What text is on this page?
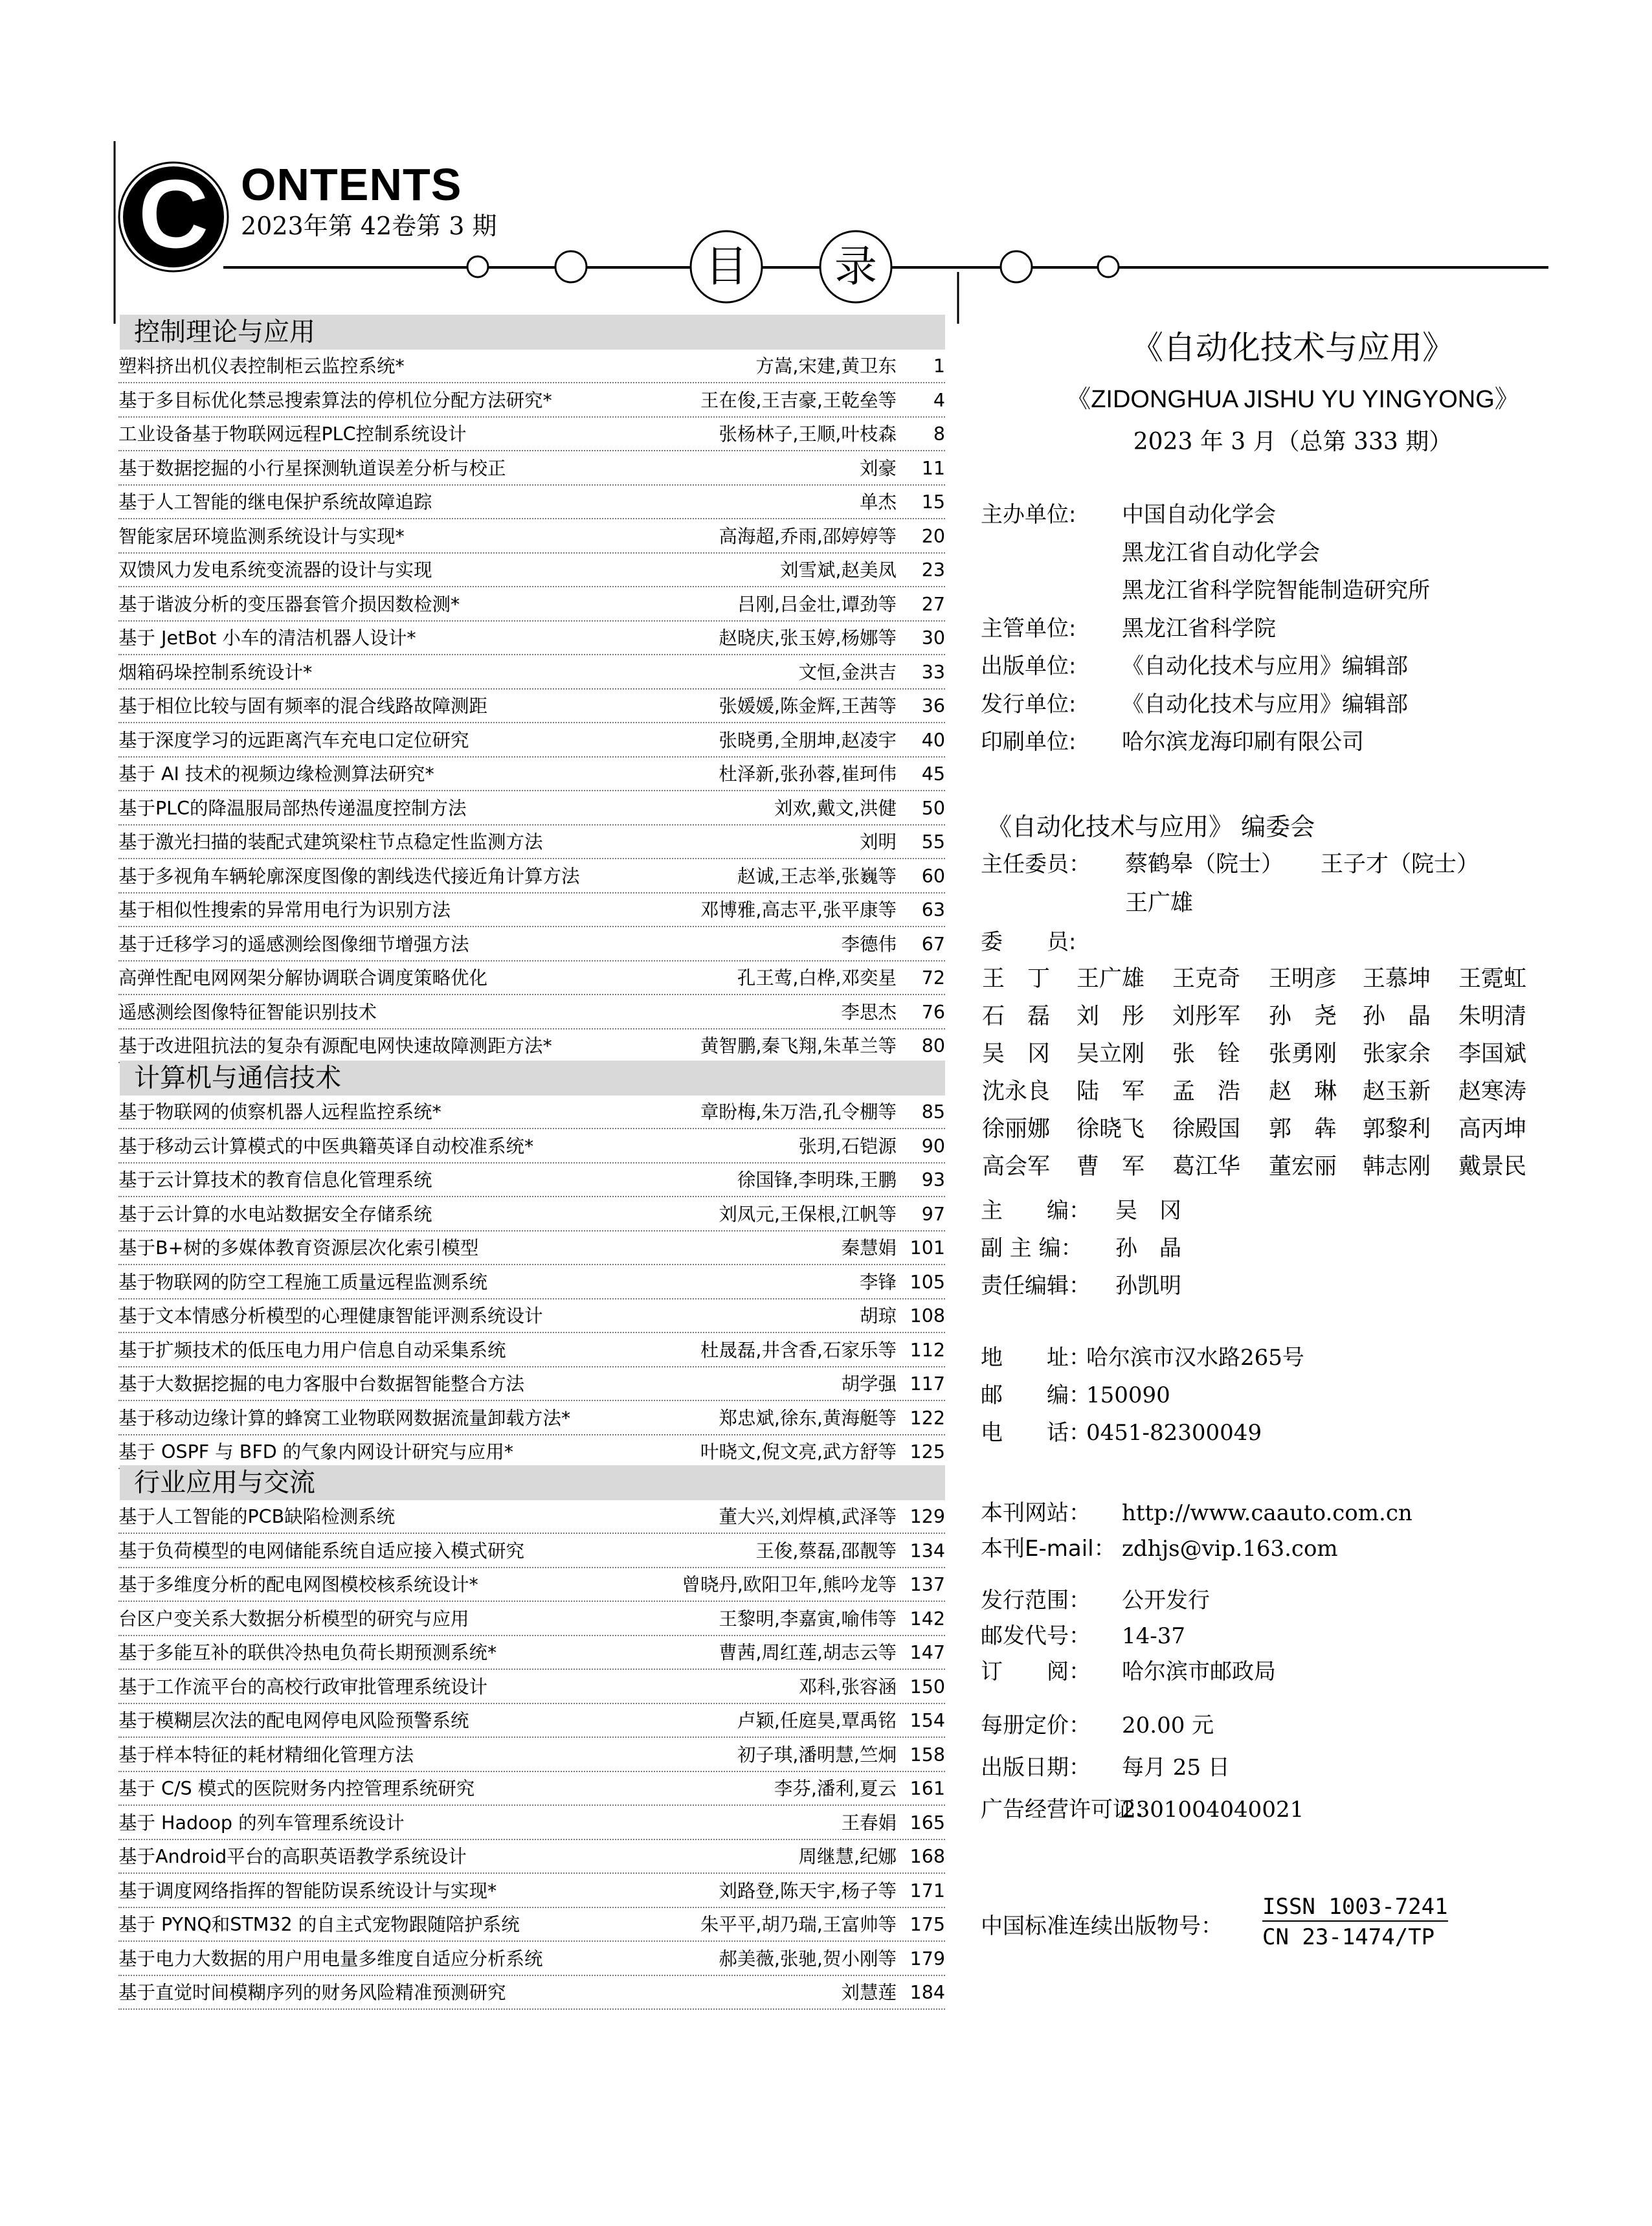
C ONTENTS
2023年第 42卷第 3 期
目 录
控制理论与应用
塑料挤出机仪表控制柜云监控系统*	方嵩,宋建,黄卫东	1
基于多目标优化禁忌搜索算法的停机位分配方法研究*	王在俊,王吉豪,王乾垒等	4
工业设备基于物联网远程PLC控制系统设计	张杨林子,王顺,叶枝森	8
基于数据挖掘的小行星探测轨道误差分析与校正	刘豪	11
基于人工智能的继电保护系统故障追踪	单杰	15
智能家居环境监测系统设计与实现*	高海超,乔雨,邵婷婷等	20
双馈风力发电系统变流器的设计与实现	刘雪斌,赵美凤	23
基于谐波分析的变压器套管介损因数检测*	吕刚,吕金壮,谭劲等	27
基于 JetBot 小车的清洁机器人设计*	赵晓庆,张玉婷,杨娜等	30
烟箱码垛控制系统设计*	文恒,金洪吉	33
基于相位比较与固有频率的混合线路故障测距	张媛媛,陈金辉,王茜等	36
基于深度学习的远距离汽车充电口定位研究	张晓勇,全朋坤,赵凌宇	40
基于 AI 技术的视频边缘检测算法研究*	杜泽新,张孙蓉,崔珂伟	45
基于PLC的降温服局部热传递温度控制方法	刘欢,戴文,洪健	50
基于激光扫描的装配式建筑梁柱节点稳定性监测方法	刘明	55
基于多视角车辆轮廓深度图像的割线迭代接近角计算方法	赵诚,王志举,张巍等	60
基于相似性搜索的异常用电行为识别方法	邓博雅,高志平,张平康等	63
基于迁移学习的遥感测绘图像细节增强方法	李德伟	67
高弹性配电网网架分解协调联合调度策略优化	孔王莺,白桦,邓奕星	72
遥感测绘图像特征智能识别技术	李思杰	76
基于改进阻抗法的复杂有源配电网快速故障测距方法*	黄智鹏,秦飞翔,朱革兰等	80
计算机与通信技术
基于物联网的侦察机器人远程监控系统*	章盼梅,朱万浩,孔令棚等	85
基于移动云计算模式的中医典籍英译自动校准系统*	张玥,石铠源	90
基于云计算技术的教育信息化管理系统	徐国锋,李明珠,王鹏	93
基于云计算的水电站数据安全存储系统	刘凤元,王保根,江帆等	97
基于B+树的多媒体教育资源层次化索引模型	秦慧娟 101
基于物联网的防空工程施工质量远程监测系统	李锋 105
基于文本情感分析模型的心理健康智能评测系统设计	胡琼 108
基于扩频技术的低压电力用户信息自动采集系统	杜晟磊,井含香,石家乐等 112
基于大数据挖掘的电力客服中台数据智能整合方法	胡学强 117
基于移动边缘计算的蜂窝工业物联网数据流量卸载方法*	郑忠斌,徐东,黄海艇等 122
基于 OSPF 与 BFD 的气象内网设计研究与应用*	叶晓文,倪文亮,武方舒等 125
行业应用与交流
基于人工智能的PCB缺陷检测系统	董大兴,刘焊槙,武泽等 129
基于负荷模型的电网储能系统自适应接入模式研究	王俊,蔡磊,邵靓等 134
基于多维度分析的配电网图模校核系统设计*	曾晓丹,欧阳卫年,熊吟龙等 137
台区户变关系大数据分析模型的研究与应用	王黎明,李嘉寅,喻伟等 142
基于多能互补的联供冷热电负荷长期预测系统*	曹茜,周红莲,胡志云等 147
基于工作流平台的高校行政审批管理系统设计	邓科,张容涵 150
基于模糊层次法的配电网停电风险预警系统	卢颖,任庭昊,覃禹铭 154
基于样本特征的耗材精细化管理方法	初子琪,潘明慧,竺炯 158
基于 C/S 模式的医院财务内控管理系统研究	李芬,潘利,夏云 161
基于 Hadoop 的列车管理系统设计	王春娟 165
基于Android平台的高职英语教学系统设计	周继慧,纪娜 168
基于调度网络指挥的智能防误系统设计与实现*	刘路登,陈天宇,杨子等 171
基于 PYNQ和STM32 的自主式宠物跟随陪护系统	朱平平,胡乃瑞,王富帅等 175
基于电力大数据的用户用电量多维度自适应分析系统	郝美薇,张驰,贺小刚等 179
基于直觉时间模糊序列的财务风险精准预测研究	刘慧莲 184
《自动化技术与应用》
《ZIDONGHUA JISHU YU YINGYONG》
2023 年 3 月（总第 333 期）
主办单位: 中国自动化学会
黑龙江省自动化学会
黑龙江省科学院智能制造研究所
主管单位: 黑龙江省科学院
出版单位: 《自动化技术与应用》编辑部
发行单位: 《自动化技术与应用》编辑部
印刷单位: 哈尔滨龙海印刷有限公司
《自动化技术与应用》 编委会
主任委员： 蔡鹤皋（院士） 王子才（院士）
王广雄
委　　员:
王　丁 王广雄 王克奇 王明彦 王慕坤 王霓虹
石　磊 刘　彤 刘彤军 孙　尧 孙　晶 朱明清
吴　冈 吴立刚 张　铨 张勇刚 张家余 李国斌
沈永良 陆　军 孟　浩 赵　琳 赵玉新 赵寒涛
徐丽娜 徐晓飞 徐殿国 郭　犇 郭黎利 高丙坤
高会军 曹　军 葛江华 董宏丽 韩志刚 戴景民
主　　编： 吴　冈
副 主 编： 孙　晶
责任编辑： 孙凯明
地　　址：
哈尔滨市汉水路265号
邮　　编：
150090
电　　话：
0451-82300049
本刊网站： http://www.caauto.com.cn
本刊E-mail： zdhjs@vip.163.com
发行范围： 公开发行
邮发代号： 14-37
订　　阅： 哈尔滨市邮政局
每册定价： 20.00 元
出版日期： 每月 25 日
广告经营许可证：
2301004040021
中国标准连续出版物号：
ISSN 1003-7241
CN 23-1474/TP
